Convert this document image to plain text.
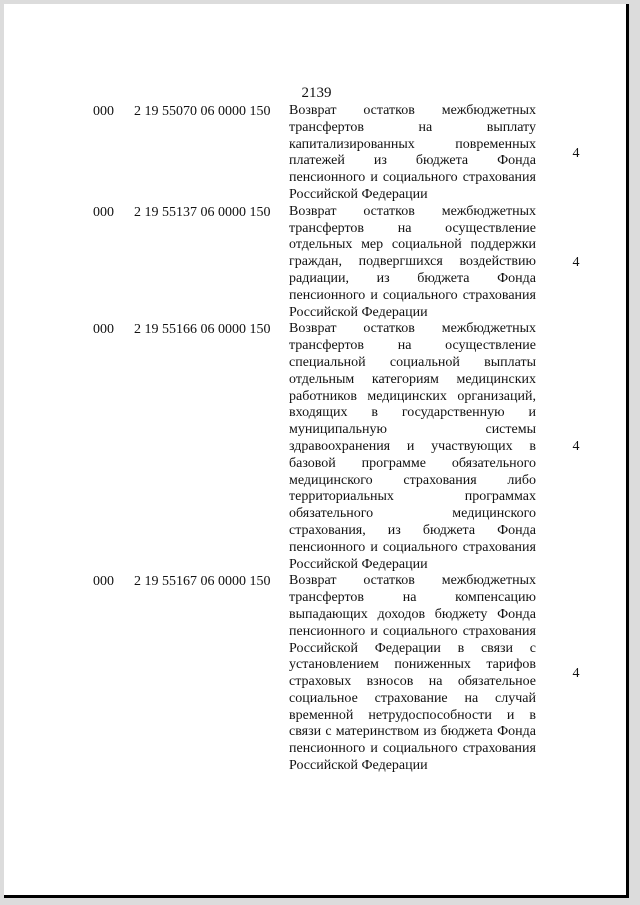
2139
000 2 19 55070 06 0000 150 Возврат остатков межбюджетных
трансфертов на выплату
капитализированных повременных
платежей из бюджета Фонда
пенсионного и социального страхования
Российской Федерации
4
000 2 19 55137 06 0000 150 Возврат остатков межбюджетных
трансфертов на осуществление
отдельных мер социальной поддержки
граждан, подвергшихся воздействию
радиации, из бюджета Фонда
пенсионного и социального страхования
Российской Федерации
4
000 2 19 55166 06 0000 150 Возврат остатков межбюджетных
трансфертов на осуществление
специальной социальной выплаты
отдельным категориям медицинских
работников медицинских организаций,
входящих в государственную и
муниципальную системы
здравоохранения и участвующих в
базовой программе обязательного
медицинского страхования либо
территориальных программах
обязательного медицинского
страхования, из бюджета Фонда
пенсионного и социального страхования
Российской Федерации
4
000 2 19 55167 06 0000 150 Возврат остатков межбюджетных
трансфертов на компенсацию
выпадающих доходов бюджету Фонда
пенсионного и социального страхования
Российской Федерации в связи с
установлением пониженных тарифов
страховых взносов на обязательное
социальное страхование на случай
временной нетрудоспособности и в
связи с материнством из бюджета Фонда
пенсионного и социального страхования
Российской Федерации
4
